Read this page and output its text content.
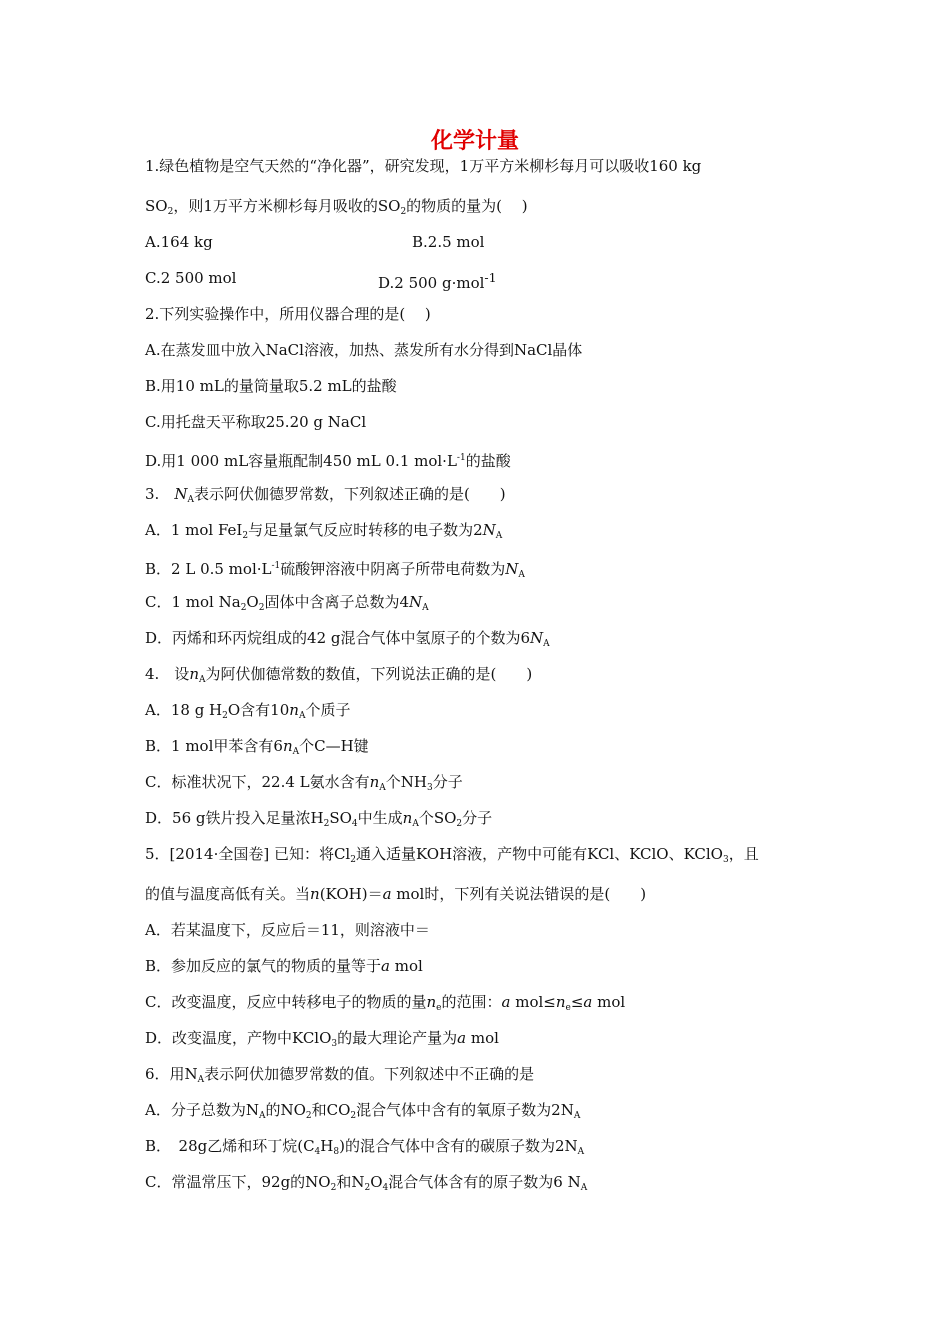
化学计量
1.绿色植物是空气天然的“净化器”，研究发现，1万平方米柳杉每月可以吸收160 kg
$SO_2$，则1万平方米柳杉每月吸收的$SO_2$的物质的量为(　 )
A.164 kg	B.2.5 mol
C.2 500 mol	D.2 500 g·mol$^{-1}$
2.下列实验操作中，所用仪器合理的是(　 )
A.在蒸发皿中放入NaCl溶液，加热、蒸发所有水分得到NaCl晶体
B.用10 mL的量筒量取5.2 mL的盐酸
C.用托盘天平称取25.20 g NaCl
D.用1 000 mL容量瓶配制450 mL 0.1 $mol\cdot L^{-1}$的盐酸
3.　$N_A$表示阿伏伽德罗常数，下列叙述正确的是(　　)
A．1 mol FeI$_2$与足量氯气反应时转移的电子数为$2N_A$
B．2 L 0.5 $mol\cdot L^{-1}$硫酸钾溶液中阴离子所带电荷数为$N_A$
C．1 mol $Na_2O_2$固体中含离子总数为$4N_A$
D．丙烯和环丙烷组成的42 g混合气体中氢原子的个数为$6N_A$
4.　设$n_A$为阿伏伽德常数的数值，下列说法正确的是(　　)
A．18 g $H_2O$含有$10n_A$个质子
B．1 mol甲苯含有$6n_A$个C—H键
C．标准状况下，22.4 L氨水含有$n_A$个$NH_3$分子
D．56 g铁片投入足量浓$H_2SO_4$中生成$n_A$个$SO_2$分子
5．[2014·全国卷] 已知：将$Cl_2$通入适量KOH溶液，产物中可能有KCl、KClO、KClO$_3$，且
的值与温度高低有关。当n(KOH)＝a mol时，下列有关说法错误的是(　　)
A．若某温度下，反应后＝11，则溶液中＝
B．参加反应的氯气的物质的量等于a mol
C．改变温度，反应中转移电子的物质的量$n_e$的范围：a $mol\le n_e\le a$ mol
D．改变温度，产物中KClO$_3$的最大理论产量为a mol
6．用$N_A$表示阿伏加德罗常数的值。下列叙述中不正确的是
A．分子总数为$N_A$的$NO_2$和$CO_2$混合气体中含有的氧原子数为$2N_A$
B．　28g乙烯和环丁烷$(C_4H_8)$的混合气体中含有的碳原子数为$2N_A$
C．常温常压下，92g的$NO_2$和$N_2O_4$混合气体含有的原子数为6 $N_A$
